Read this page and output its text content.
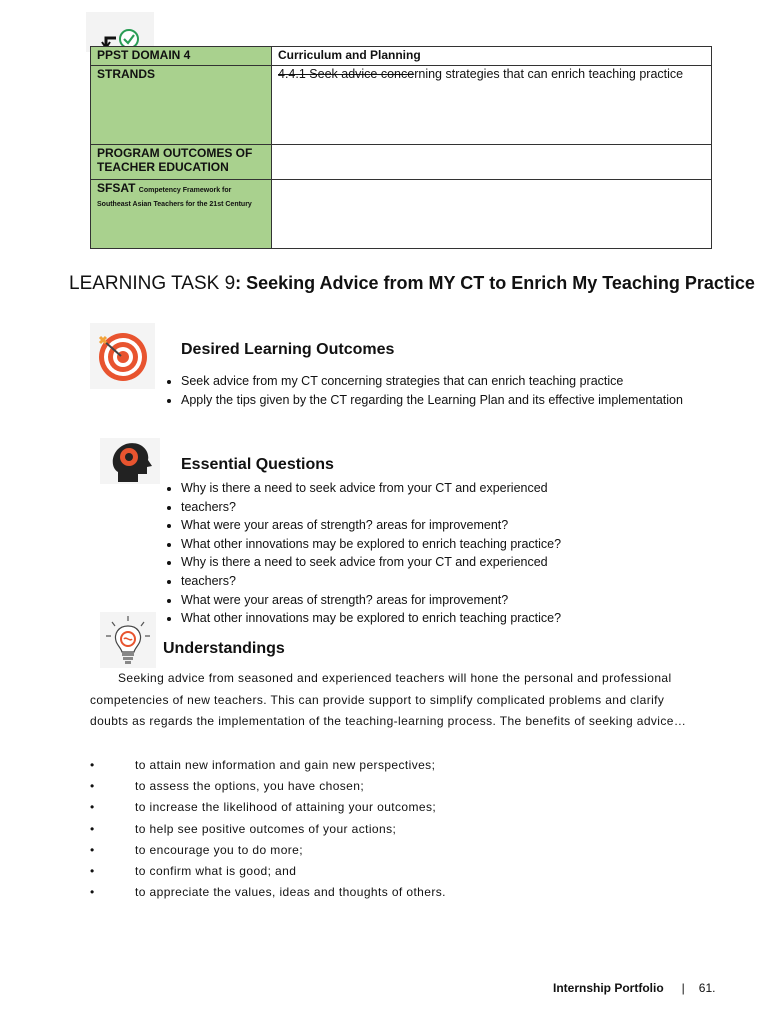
PPST DOMAIN 4	Curriculum and Planning
STRANDS	4.4.1 Seek advice concerning strategies that can enrich teaching practice
PROGRAM OUTCOMES OF TEACHER EDUCATION	
SFSAT Competency Framework for Southeast Asian Teachers for the 21st Century	
LEARNING TASK 9: Seeking Advice from MY CT to Enrich My Teaching Practice
Desired Learning Outcomes
• Seek advice from my CT concerning strategies that can enrich teaching practice
• Apply the tips given by the CT regarding the Learning Plan and its effective implementation
Essential Questions
• Why is there a need to seek advice from your CT and experienced
• teachers?
• What were your areas of strength? areas for improvement?
• What other innovations may be explored to enrich teaching practice?
• Why is there a need to seek advice from your CT and experienced
• teachers?
• What were your areas of strength? areas for improvement?
• What other innovations may be explored to enrich teaching practice?
Understandings

Seeking advice from seasoned and experienced teachers will hone the personal and professional competencies of new teachers. This can provide support to simplify complicated problems and clarify doubts as regards the implementation of the teaching-learning process. The benefits of seeking advice…

•	to attain new information and gain new perspectives;
•	to assess the options, you have chosen;
•	to increase the likelihood of attaining your outcomes;
•	to help see positive outcomes of your actions;
•	to encourage you to do more;
•	to confirm what is good; and
•	to appreciate the values, ideas and thoughts of others.
Internship Portfolio | 61.
